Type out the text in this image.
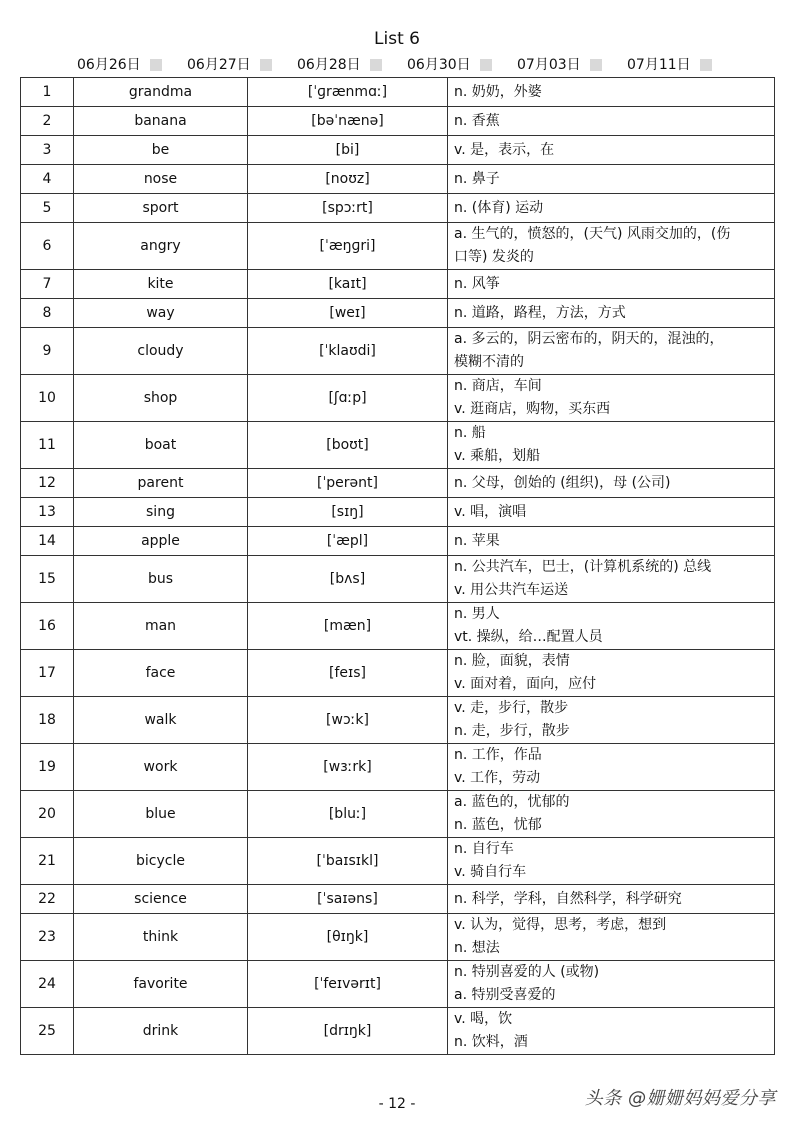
List 6
06月26日	06月27日	06月28日	06月30日	07月03日	07月11日
1	grandma	[ˈɡrænmɑː]	n. 奶奶，外婆

2	banana	[bəˈnænə]	n. 香蕉

3	be	[bi]	v. 是，表示，在

4	nose	[noʊz]	n. 鼻子

5	sport	[spɔːrt]	n. (体育) 运动

6	angry	[ˈæŋɡri]	a. 生气的，愤怒的，(天气) 风雨交加的，(伤
口等) 发炎的

7	kite	[kaɪt]	n. 风筝

8	way	[weɪ]	n. 道路，路程，方法，方式

9	cloudy	[ˈklaʊdi]	a. 多云的，阴云密布的，阴天的，混浊的，
模糊不清的

10	shop	[ʃɑːp]	n. 商店，车间
v. 逛商店，购物，买东西

11	boat	[boʊt]	n. 船
v. 乘船，划船

12	parent	[ˈperənt]	n. 父母，创始的 (组织)，母 (公司)

13	sing	[sɪŋ]	v. 唱，演唱

14	apple	[ˈæpl]	n. 苹果

15	bus	[bʌs]	n. 公共汽车，巴士，(计算机系统的) 总线
v. 用公共汽车运送

16	man	[mæn]	n. 男人
vt. 操纵，给…配置人员

17	face	[feɪs]	n. 脸，面貌，表情
v. 面对着，面向，应付

18	walk	[wɔːk]	v. 走，步行，散步
n. 走，步行，散步

19	work	[wɜːrk]	n. 工作，作品
v. 工作，劳动

20	blue	[bluː]	a. 蓝色的，忧郁的
n. 蓝色，忧郁

21	bicycle	[ˈbaɪsɪkl]	n. 自行车
v. 骑自行车

22	science	[ˈsaɪəns]	n. 科学，学科，自然科学，科学研究

23	think	[θɪŋk]	v. 认为，觉得，思考，考虑，想到
n. 想法

24	favorite	[ˈfeɪvərɪt]	n. 特别喜爱的人 (或物)
a. 特别受喜爱的

25	drink	[drɪŋk]	v. 喝，饮
n. 饮料，酒
- 12 -	头条 @姗姗妈妈爱分享
